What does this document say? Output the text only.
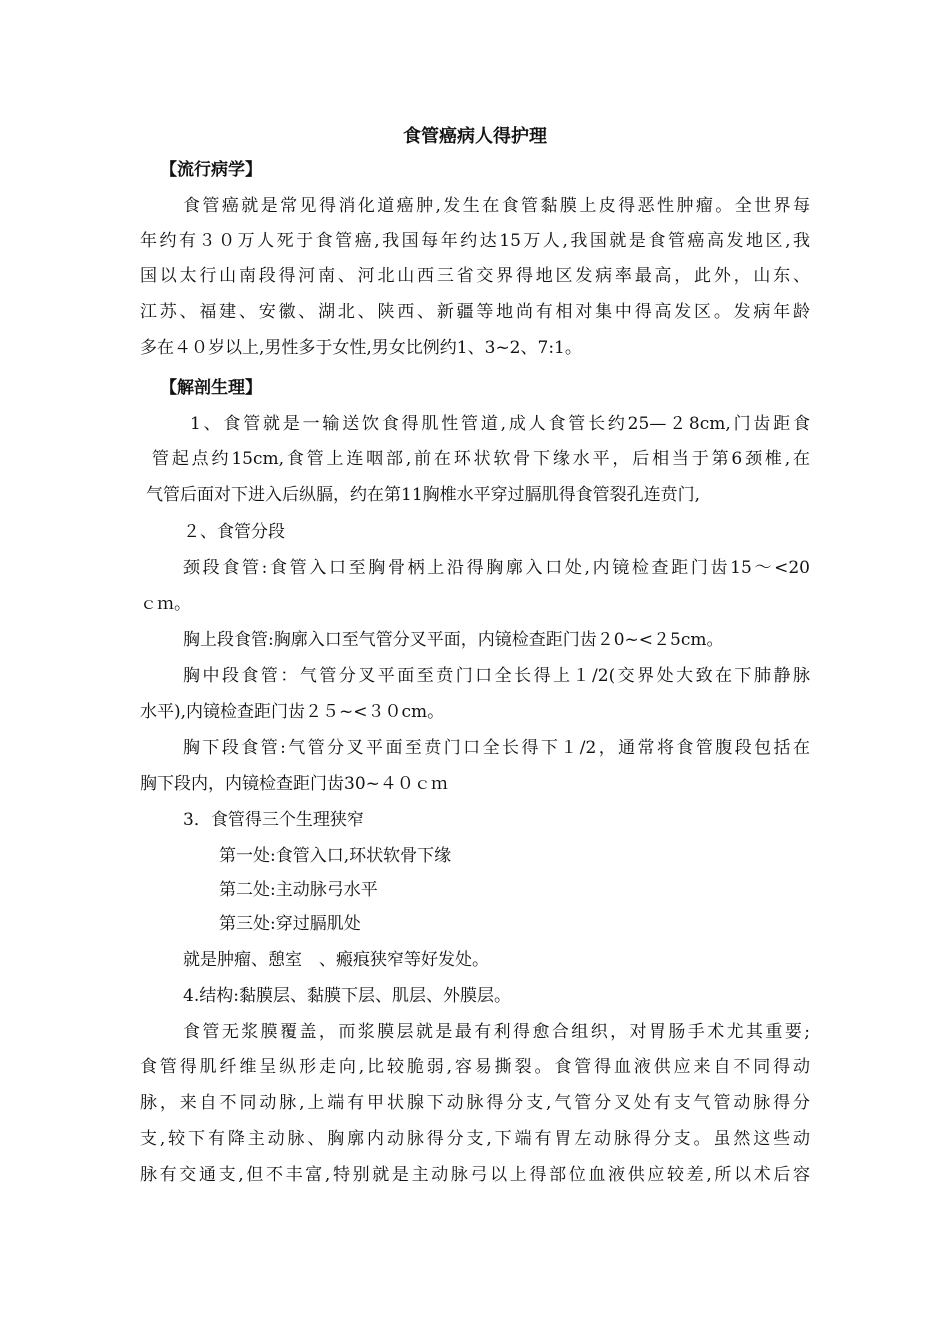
食管癌病人得护理
【流行病学】
食管癌就是常见得消化道癌肿,发生在食管黏膜上皮得恶性肿瘤。全世界每
年约有３０万人死于食管癌,我国每年约达15万人,我国就是食管癌高发地区,我
国以太行山南段得河南、河北山西三省交界得地区发病率最高，此外，山东、
江苏、福建、安徽、湖北、陕西、新疆等地尚有相对集中得高发区。发病年龄
多在４０岁以上,男性多于女性,男女比例约1、3~2、7:1。
【解剖生理】
1、食管就是一输送饮食得肌性管道,成人食管长约25—２8cm,门齿距食
管起点约15cm,食管上连咽部,前在环状软骨下缘水平，后相当于第6颈椎,在
气管后面对下进入后纵膈，约在第11胸椎水平穿过膈肌得食管裂孔连贲门,
２、食管分段
颈段食管:食管入口至胸骨柄上沿得胸廓入口处,内镜检查距门齿15～<20
ｃｍ。
胸上段食管:胸廓入口至气管分叉平面，内镜检查距门齿２0~<２5cm。
胸中段食管：气管分叉平面至贲门口全长得上１/2(交界处大致在下肺静脉
水平),内镜检查距门齿２５~<３０cm。
胸下段食管:气管分叉平面至贲门口全长得下１/2，通常将食管腹段包括在
胸下段内，内镜检查距门齿30~４０ｃｍ
3．食管得三个生理狭窄
第一处:食管入口,环状软骨下缘
第二处:主动脉弓水平
第三处:穿过膈肌处
就是肿瘤、憩室　、瘢痕狭窄等好发处。
4.结构:黏膜层、黏膜下层、肌层、外膜层。
食管无浆膜覆盖，而浆膜层就是最有利得愈合组织，对胃肠手术尤其重要;
食管得肌纤维呈纵形走向,比较脆弱,容易撕裂。食管得血液供应来自不同得动
脉，来自不同动脉,上端有甲状腺下动脉得分支,气管分叉处有支气管动脉得分
支,较下有降主动脉、胸廓内动脉得分支,下端有胃左动脉得分支。虽然这些动
脉有交通支,但不丰富,特别就是主动脉弓以上得部位血液供应较差,所以术后容
